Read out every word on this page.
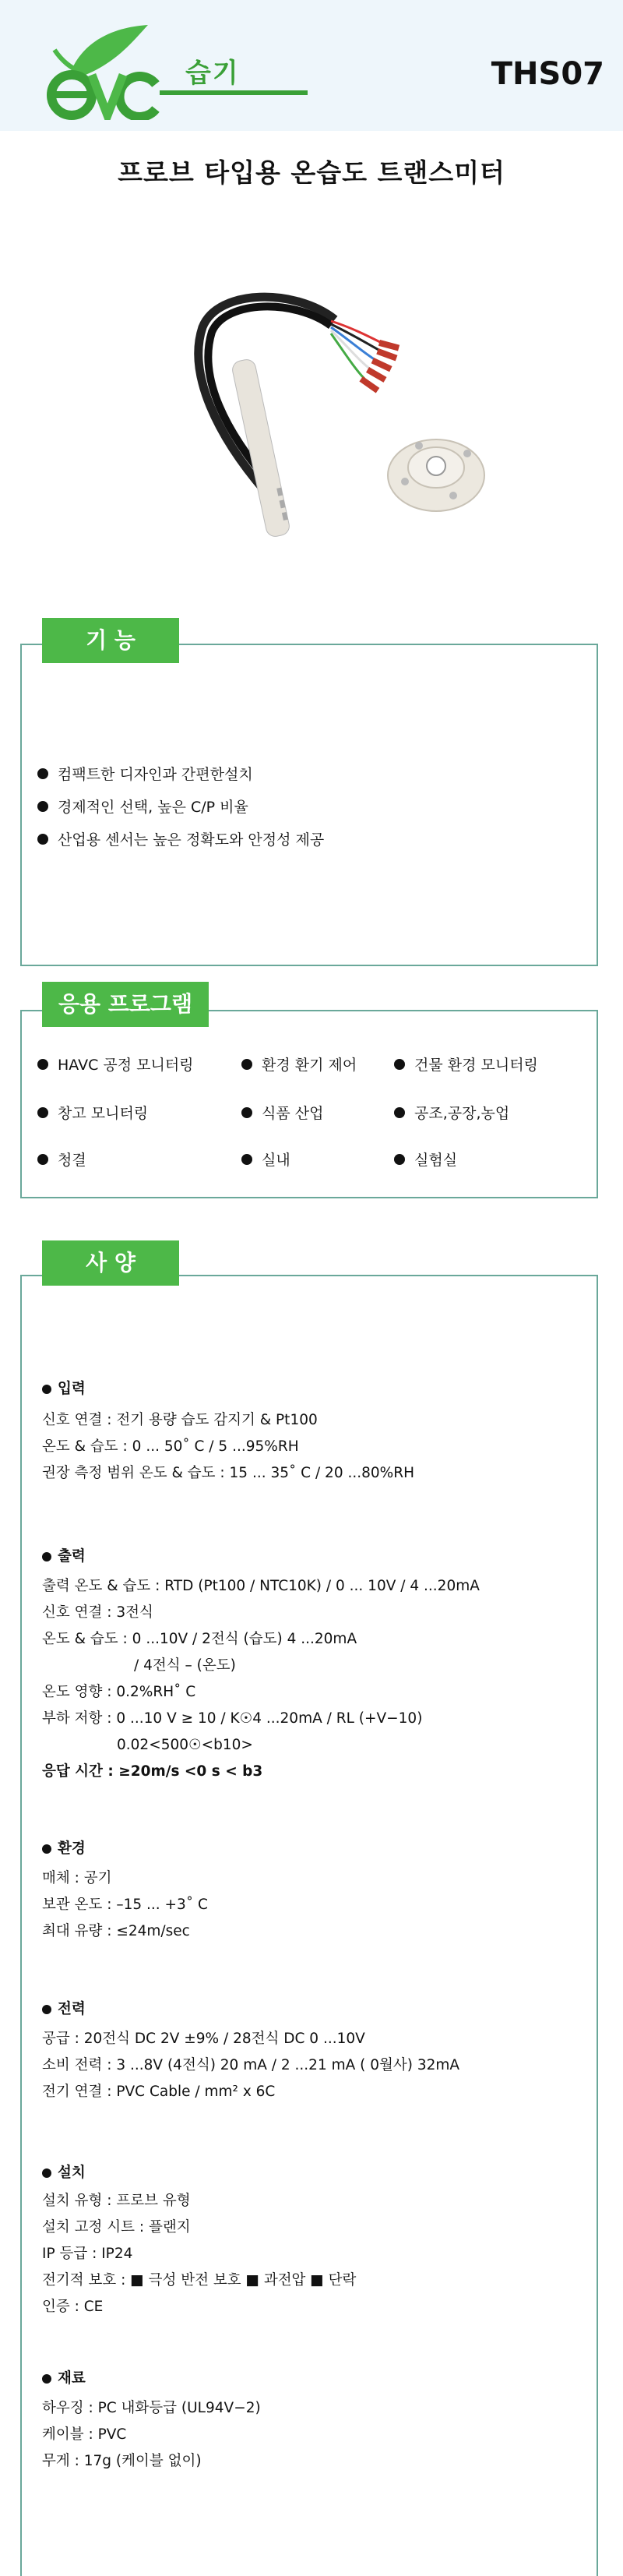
습기	THS07
프로브 타입용 온습도 트랜스미터
기 능
컴팩트한 디자인과 간편한설치
경제적인 선택, 높은 C/P 비율
산업용 센서는 높은 정확도와 안정성 제공
응용 프로그램
HAVC 공정 모니터링	환경 환기 제어	건물 환경 모니터링
창고 모니터링	식품 산업	공조,공장,농업
청결	실내	실험실
사 양
입력
신호 연결 : 전기 용량 습도 감지기 & Pt100
온도 & 습도 : 0 ... 50˚ C / 5 ...95%RH
권장 측정 범위 온도 & 습도 : 15 ... 35˚ C / 20 ...80%RH
출력
출력 온도 & 습도 : RTD (Pt100 / NTC10K) / 0 ... 10V / 4 ...20mA
신호 연결 : 3전식
온도 & 습도 : 0 ...10V / 2전식 (습도) 4 ...20mA
/ 4전식 – (온도)
온도 영향 : 0.2%RH˚ C
부하 저항 : 0 ...10 V ≥ 10 / K☉4 ...20mA / RL (+V−10)
0.02<500☉<b10>
응답 시간 : ≥20m/s <0 s < b3
환경
매체 : 공기
보관 온도 : –15 ... +3˚ C
최대 유량 : ≤24m/sec
전력
공급 : 20전식 DC 2V ±9% / 28전식 DC 0 ...10V
소비 전력 : 3 ...8V (4전식) 20 mA / 2 ...21 mA ( 0월사) 32mA
전기 연결 : PVC Cable / mm² x 6C
설치
설치 유형 : 프로브 유형
설치 고정 시트 : 플랜지
IP 등급 : IP24
전기적 보호 : ■ 극성 반전 보호 ■ 과전압 ■ 단락
인증 : CE
재료
하우징 : PC 내화등급 (UL94V−2)
케이블 : PVC
무게 : 17g (케이블 없이)
